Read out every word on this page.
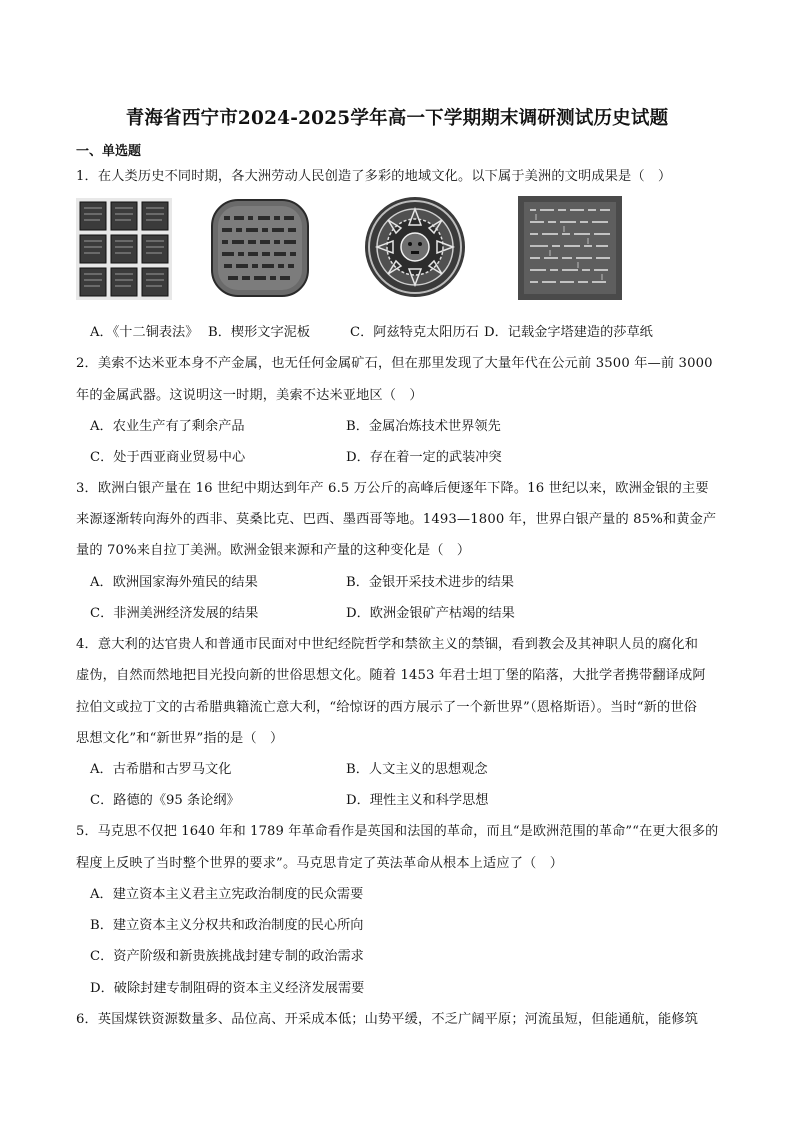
青海省西宁市2024-2025学年高一下学期期末调研测试历史试题
一、单选题
1．在人类历史不同时期，各大洲劳动人民创造了多彩的地域文化。以下属于美洲的文明成果是（　）
A．《十二铜表法》 B．楔形文字泥板	C．阿兹特克太阳历石 D．记载金字塔建造的莎草纸
2．美索不达米亚本身不产金属，也无任何金属矿石，但在那里发现了大量年代在公元前 3500 年—前 3000
年的金属武器。这说明这一时期，美索不达米亚地区（　）
A．农业生产有了剩余产品	B．金属冶炼技术世界领先
C．处于西亚商业贸易中心	D．存在着一定的武装冲突
3．欧洲白银产量在 16 世纪中期达到年产 6.5 万公斤的高峰后便逐年下降。16 世纪以来，欧洲金银的主要
来源逐渐转向海外的西非、莫桑比克、巴西、墨西哥等地。1493—1800 年，世界白银产量的 85%和黄金产
量的 70%来自拉丁美洲。欧洲金银来源和产量的这种变化是（　）
A．欧洲国家海外殖民的结果	B．金银开采技术进步的结果
C．非洲美洲经济发展的结果	D．欧洲金银矿产枯竭的结果
4．意大利的达官贵人和普通市民面对中世纪经院哲学和禁欲主义的禁锢，看到教会及其神职人员的腐化和
虚伪，自然而然地把目光投向新的世俗思想文化。随着 1453 年君士坦丁堡的陷落，大批学者携带翻译成阿
拉伯文或拉丁文的古希腊典籍流亡意大利，“给惊讶的西方展示了一个新世界”（恩格斯语）。当时“新的世俗
思想文化”和“新世界”指的是（　）
A．古希腊和古罗马文化	B．人文主义的思想观念
C．路德的《95 条论纲》	D．理性主义和科学思想
5．马克思不仅把 1640 年和 1789 年革命看作是英国和法国的革命，而且“是欧洲范围的革命”“在更大很多的
程度上反映了当时整个世界的要求”。马克思肯定了英法革命从根本上适应了（　）
A．建立资本主义君主立宪政治制度的民众需要
B．建立资本主义分权共和政治制度的民心所向
C．资产阶级和新贵族挑战封建专制的政治需求
D．破除封建专制阻碍的资本主义经济发展需要
6．英国煤铁资源数量多、品位高、开采成本低；山势平缓，不乏广阔平原；河流虽短，但能通航，能修筑
